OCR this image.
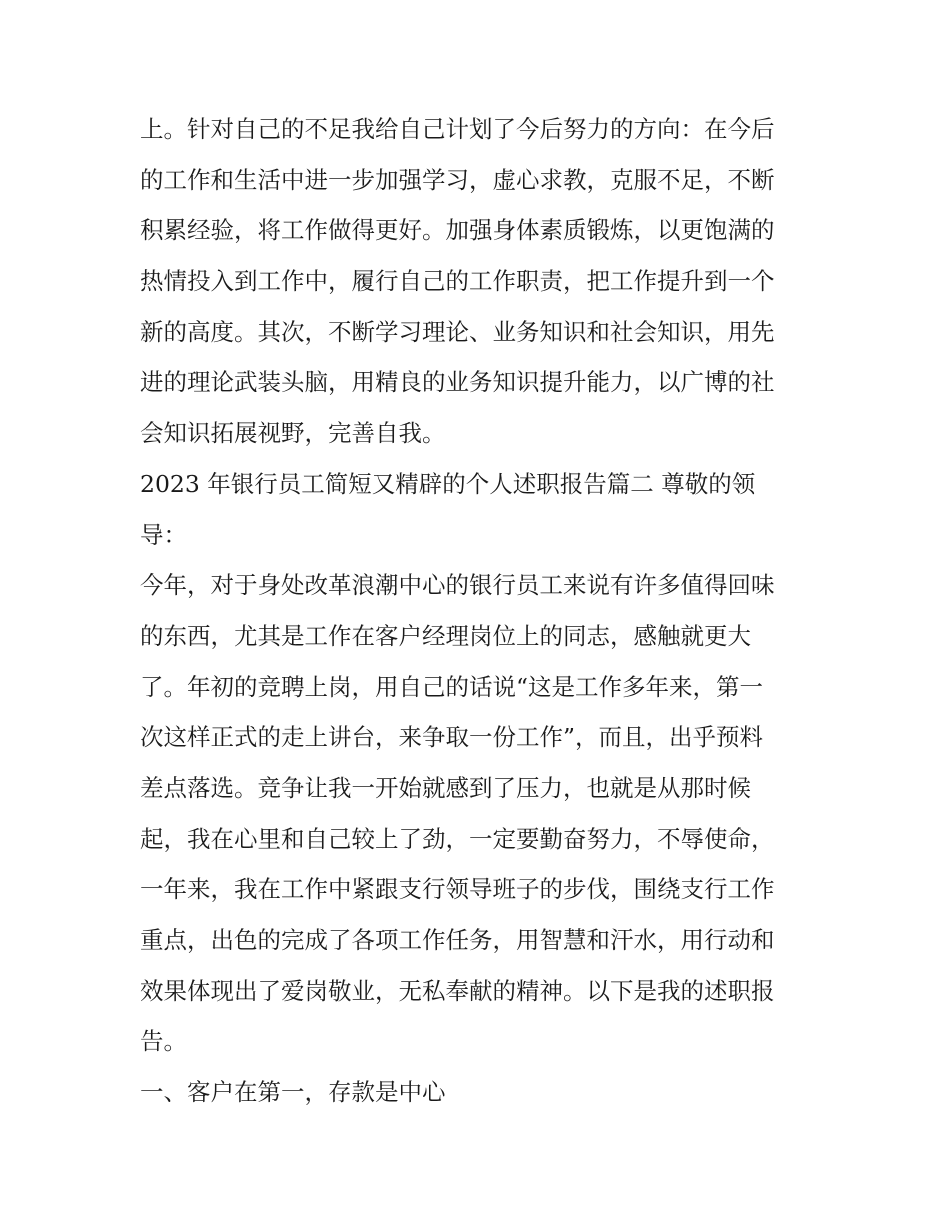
上。针对自己的不足我给自己计划了今后努力的方向：在今后
的工作和生活中进一步加强学习，虚心求教，克服不足，不断
积累经验，将工作做得更好。加强身体素质锻炼，以更饱满的
热情投入到工作中，履行自己的工作职责，把工作提升到一个
新的高度。其次，不断学习理论、业务知识和社会知识，用先
进的理论武装头脑，用精良的业务知识提升能力，以广博的社
会知识拓展视野，完善自我。
2023 年银行员工简短又精辟的个人述职报告篇二 尊敬的领
导：
今年，对于身处改革浪潮中心的银行员工来说有许多值得回味
的东西，尤其是工作在客户经理岗位上的同志，感触就更大
了。年初的竞聘上岗，用自己的话说“这是工作多年来，第一
次这样正式的走上讲台，来争取一份工作”，而且，出乎预料
差点落选。竞争让我一开始就感到了压力，也就是从那时候
起，我在心里和自己较上了劲，一定要勤奋努力，不辱使命，
一年来，我在工作中紧跟支行领导班子的步伐，围绕支行工作
重点，出色的完成了各项工作任务，用智慧和汗水，用行动和
效果体现出了爱岗敬业，无私奉献的精神。以下是我的述职报
告。
一、客户在第一，存款是中心
